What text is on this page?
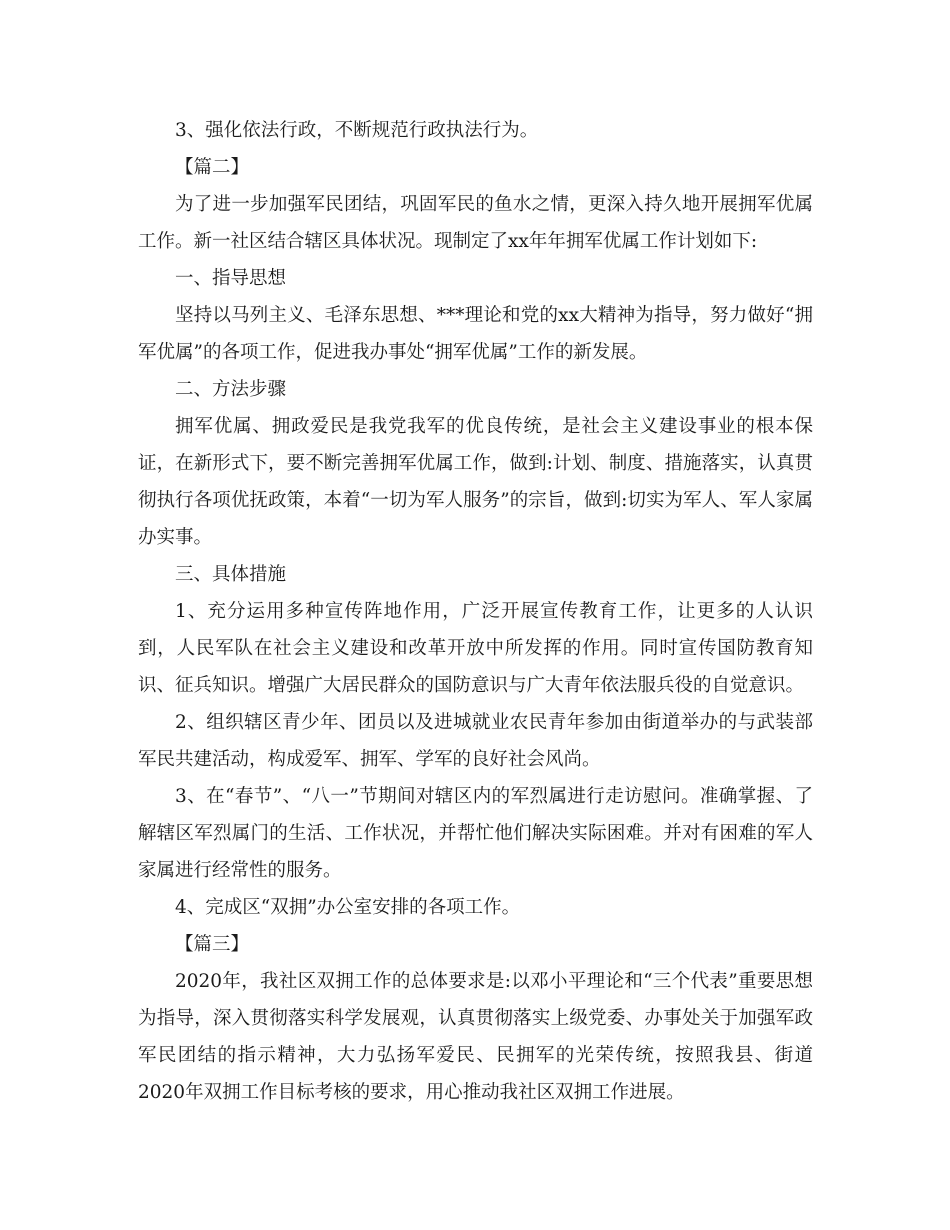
3、强化依法行政，不断规范行政执法行为。

【篇二】

为了进一步加强军民团结，巩固军民的鱼水之情，更深入持久地开展拥军优属工作。新一社区结合辖区具体状况。现制定了xx年年拥军优属工作计划如下:

一、指导思想

坚持以马列主义、毛泽东思想、***理论和党的xx大精神为指导，努力做好“拥军优属”的各项工作，促进我办事处“拥军优属”工作的新发展。

二、方法步骤

拥军优属、拥政爱民是我党我军的优良传统，是社会主义建设事业的根本保证，在新形式下，要不断完善拥军优属工作，做到:计划、制度、措施落实，认真贯彻执行各项优抚政策，本着“一切为军人服务”的宗旨，做到:切实为军人、军人家属办实事。

三、具体措施

1、充分运用多种宣传阵地作用，广泛开展宣传教育工作，让更多的人认识到，人民军队在社会主义建设和改革开放中所发挥的作用。同时宣传国防教育知识、征兵知识。增强广大居民群众的国防意识与广大青年依法服兵役的自觉意识。

2、组织辖区青少年、团员以及进城就业农民青年参加由街道举办的与武装部军民共建活动，构成爱军、拥军、学军的良好社会风尚。

3、在“春节”、“八一”节期间对辖区内的军烈属进行走访慰问。准确掌握、了解辖区军烈属门的生活、工作状况，并帮忙他们解决实际困难。并对有困难的军人家属进行经常性的服务。

4、完成区“双拥”办公室安排的各项工作。

【篇三】

2020年，我社区双拥工作的总体要求是:以邓小平理论和“三个代表”重要思想为指导，深入贯彻落实科学发展观，认真贯彻落实上级党委、办事处关于加强军政军民团结的指示精神，大力弘扬军爱民、民拥军的光荣传统，按照我县、街道2020年双拥工作目标考核的要求，用心推动我社区双拥工作进展。
